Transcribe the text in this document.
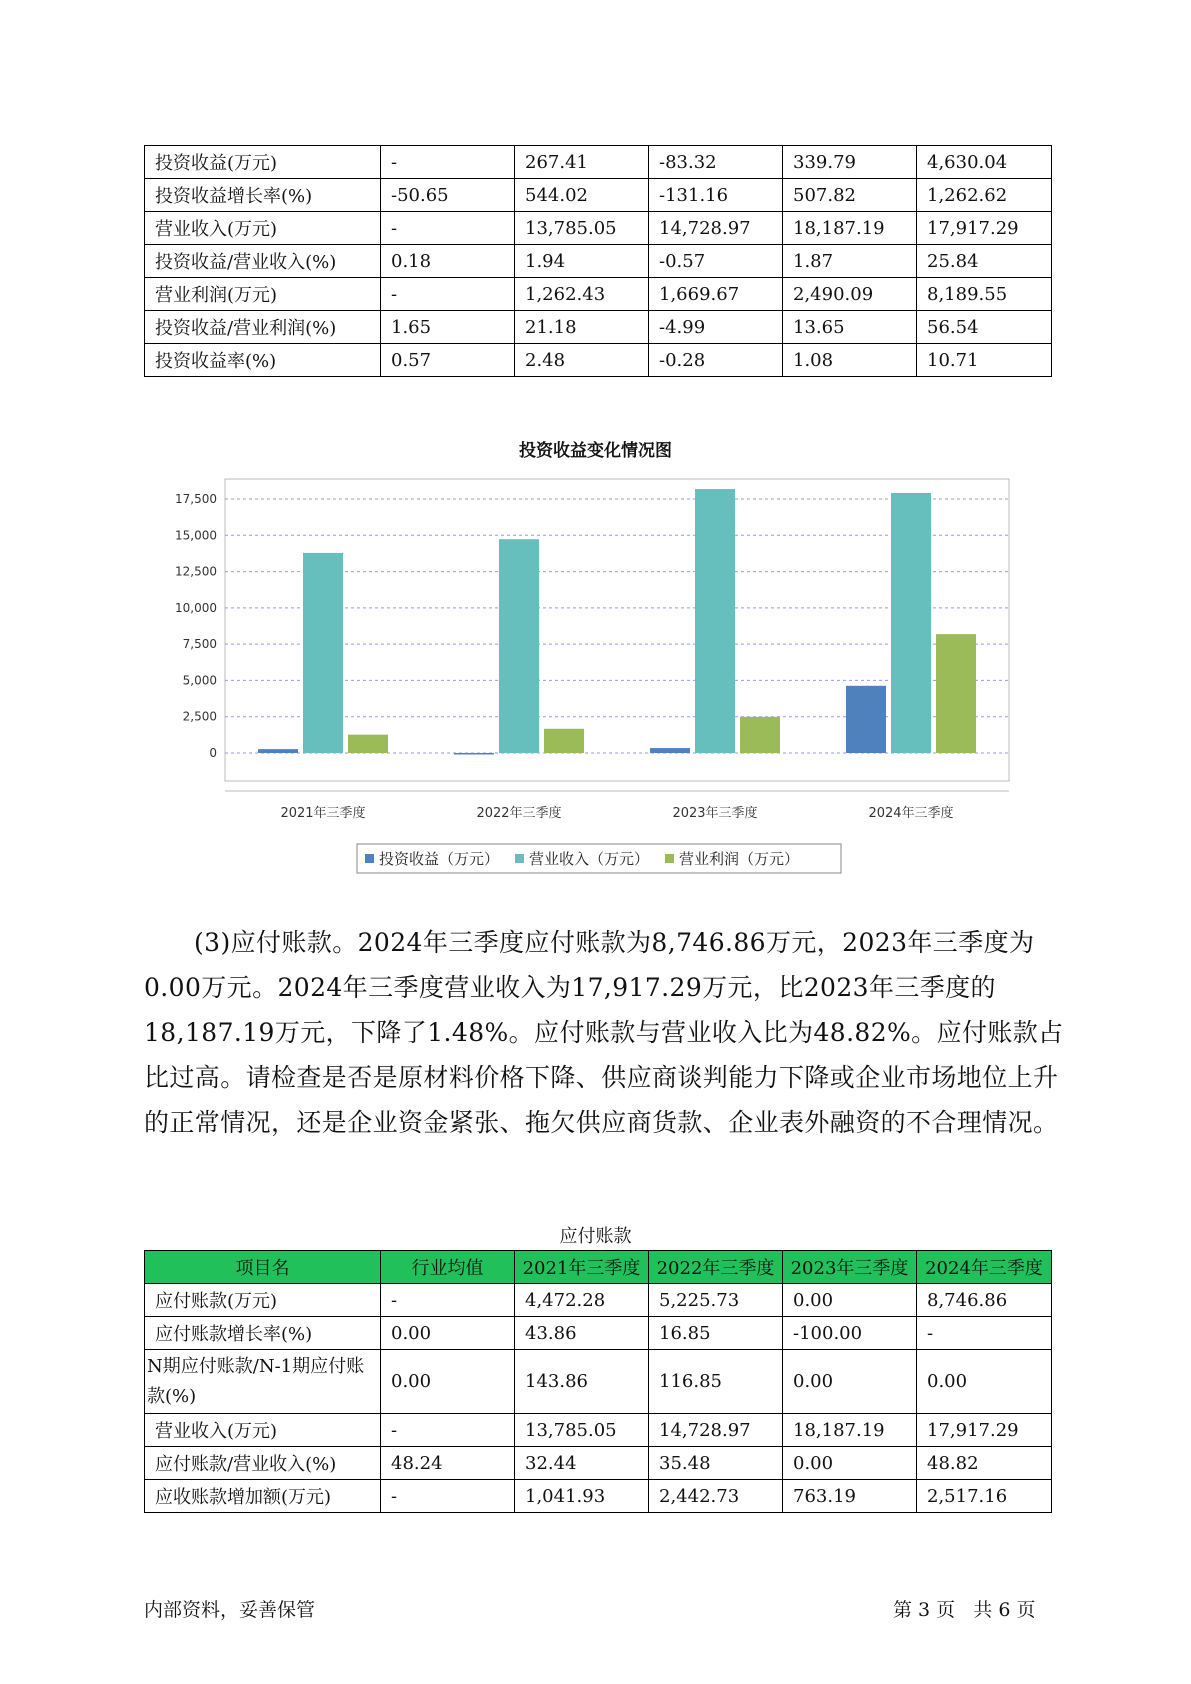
投资收益(万元)	-	267.41	-83.32	339.79	4,630.04
投资收益增长率(%)	-50.65	544.02	-131.16	507.82	1,262.62
营业收入(万元)	-	13,785.05	14,728.97	18,187.19	17,917.29
投资收益/营业收入(%)	0.18	1.94	-0.57	1.87	25.84
营业利润(万元)	-	1,262.43	1,669.67	2,490.09	8,189.55
投资收益/营业利润(%)	1.65	21.18	-4.99	13.65	56.54
投资收益率(%)	0.57	2.48	-0.28	1.08	10.71
投资收益变化情况图
0
2,500
5,000
7,500
10,000
12,500
15,000
17,500
2021年三季度	2022年三季度	2023年三季度	2024年三季度
投资收益（万元） 营业收入（万元） 营业利润（万元）
(3)应付账款。2024年三季度应付账款为8,746.86万元，2023年三季度为0.00万元。2024年三季度营业收入为17,917.29万元，比2023年三季度的18,187.19万元，下降了1.48%。应付账款与营业收入比为48.82%。应付账款占比过高。请检查是否是原材料价格下降、供应商谈判能力下降或企业市场地位上升的正常情况，还是企业资金紧张、拖欠供应商货款、企业表外融资的不合理情况。
应付账款
项目名	行业均值	2021年三季度	2022年三季度	2023年三季度	2024年三季度
应付账款(万元)	-	4,472.28	5,225.73	0.00	8,746.86
应付账款增长率(%)	0.00	43.86	16.85	-100.00	-
N期应付账款/N-1期应付账款(%)	0.00	143.86	116.85	0.00	0.00
营业收入(万元)	-	13,785.05	14,728.97	18,187.19	17,917.29
应付账款/营业收入(%)	48.24	32.44	35.48	0.00	48.82
应收账款增加额(万元)	-	1,041.93	2,442.73	763.19	2,517.16
内部资料，妥善保管	第 3 页   共 6 页
